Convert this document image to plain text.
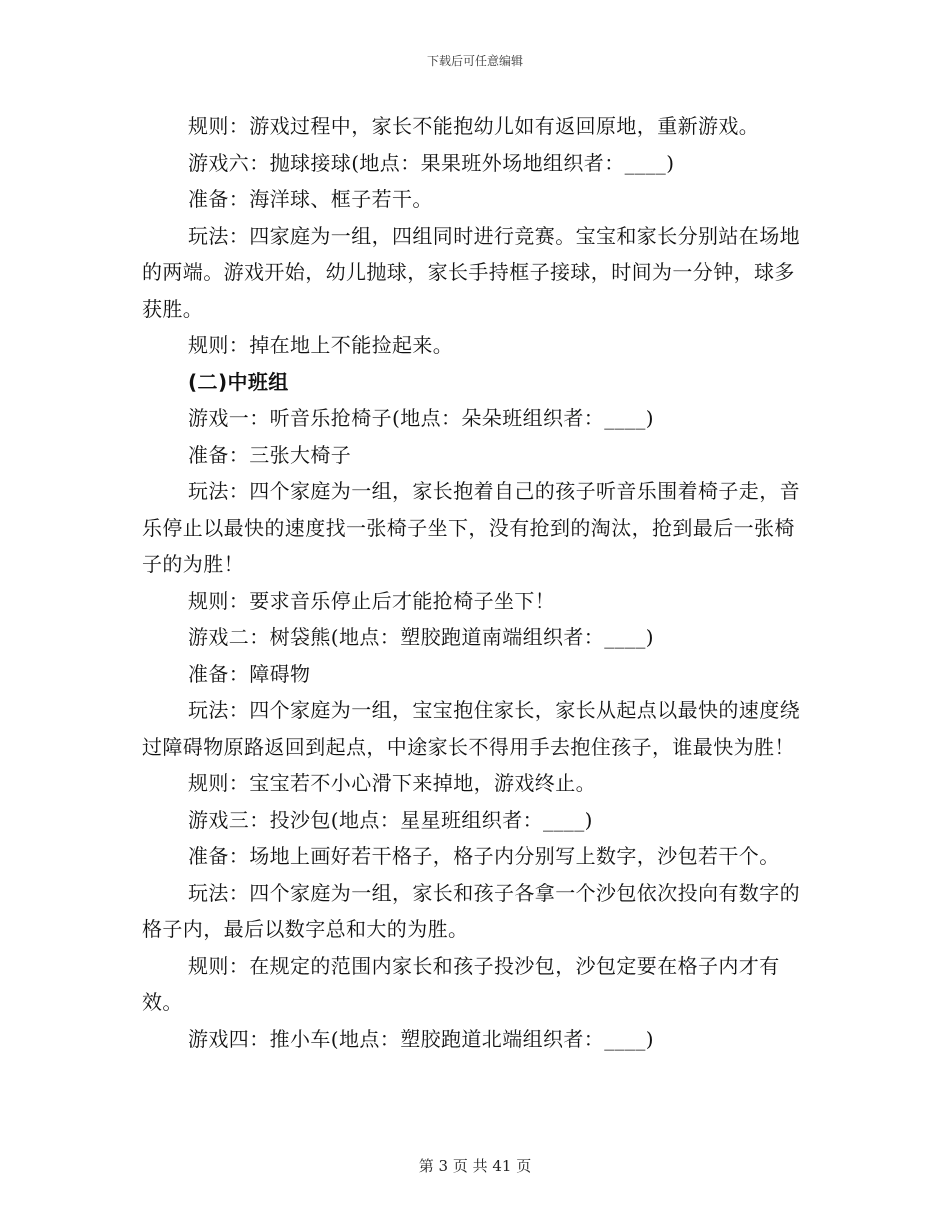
下载后可任意编辑

规则：游戏过程中，家长不能抱幼儿如有返回原地，重新游戏。

游戏六：抛球接球(地点：果果班外场地组织者：____)

准备：海洋球、框子若干。

玩法：四家庭为一组，四组同时进行竞赛。宝宝和家长分别站在场地的两端。游戏开始，幼儿抛球，家长手持框子接球，时间为一分钟，球多获胜。

规则：掉在地上不能捡起来。

(二)中班组

游戏一：听音乐抢椅子(地点：朵朵班组织者：____)

准备：三张大椅子

玩法：四个家庭为一组，家长抱着自己的孩子听音乐围着椅子走，音乐停止以最快的速度找一张椅子坐下，没有抢到的淘汰，抢到最后一张椅子的为胜！

规则：要求音乐停止后才能抢椅子坐下！

游戏二：树袋熊(地点：塑胶跑道南端组织者：____)

准备：障碍物

玩法：四个家庭为一组，宝宝抱住家长，家长从起点以最快的速度绕过障碍物原路返回到起点，中途家长不得用手去抱住孩子，谁最快为胜！

规则：宝宝若不小心滑下来掉地，游戏终止。

游戏三：投沙包(地点：星星班组织者：____)

准备：场地上画好若干格子，格子内分别写上数字，沙包若干个。

玩法：四个家庭为一组，家长和孩子各拿一个沙包依次投向有数字的格子内，最后以数字总和大的为胜。

规则：在规定的范围内家长和孩子投沙包，沙包定要在格子内才有效。

游戏四：推小车(地点：塑胶跑道北端组织者：____)

第 3 页 共 41 页
